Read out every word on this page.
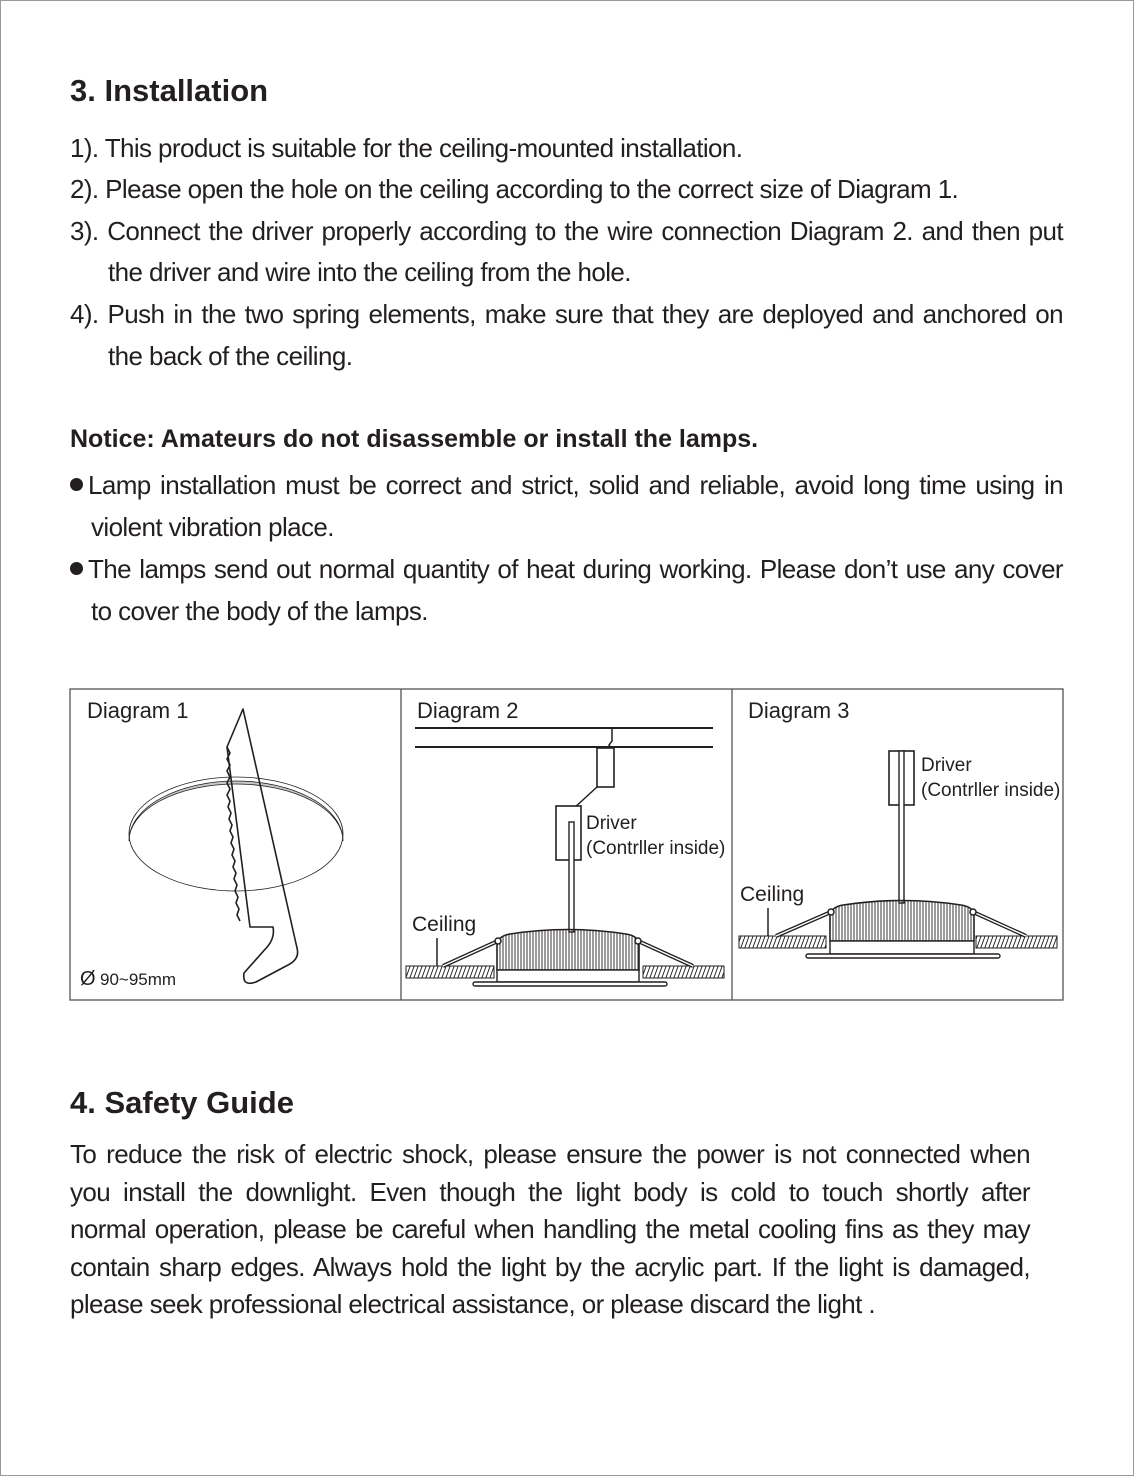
3. Installation
1). This product is suitable for the ceiling-mounted installation.
2). Please open the hole on the ceiling according to the correct size of Diagram 1.
3). Connect the driver properly according to the wire connection Diagram 2. and then put
the driver and wire into the ceiling from the hole.
4). Push in the two spring elements, make sure that they are deployed and anchored on
the back of the ceiling.
Notice: Amateurs do not disassemble or install the lamps.
Lamp installation must be correct and strict, solid and reliable, avoid long time using in
violent vibration place.
The lamps send out normal quantity of heat during working. Please don’t use any cover
to cover the body of the lamps.
Diagram 1
Ø 90~95mm
Diagram 2
Driver
(Contrller inside)
Ceiling
Diagram 3
Driver
(Contrller inside)
Ceiling
4. Safety Guide
To reduce the risk of electric shock, please ensure the power is not connected when
you install the downlight. Even though the light body is cold to touch shortly after
normal operation, please be careful when handling the metal cooling fins as they may
contain sharp edges. Always hold the light by the acrylic part. If the light is damaged,
please seek professional electrical assistance, or please discard the light .
